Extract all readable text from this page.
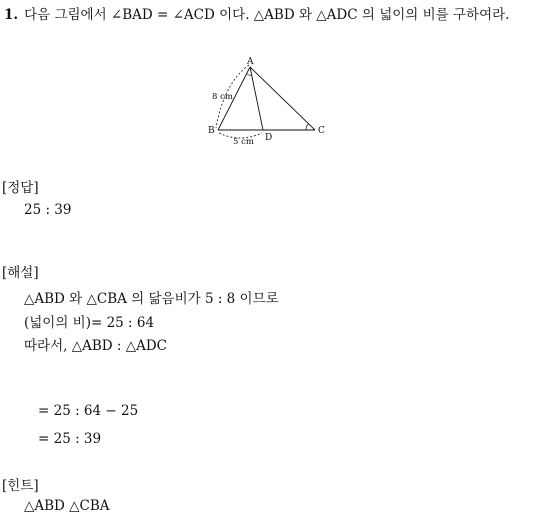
1. 다음 그림에서 ∠BAD = ∠ACD 이다. △ABD 와 △ADC 의 넓이의 비를 구하여라.
A
B	C
D
8 cm
5 cm
[정답]
25 : 39
[해설]
△ABD 와 △CBA 의 닮음비가 5 : 8 이므로
(넓이의 비)= 25 : 64
따라서, △ABD : △ADC
= 25 : 64 − 25
= 25 : 39
[힌트]
△ABD △CBA
